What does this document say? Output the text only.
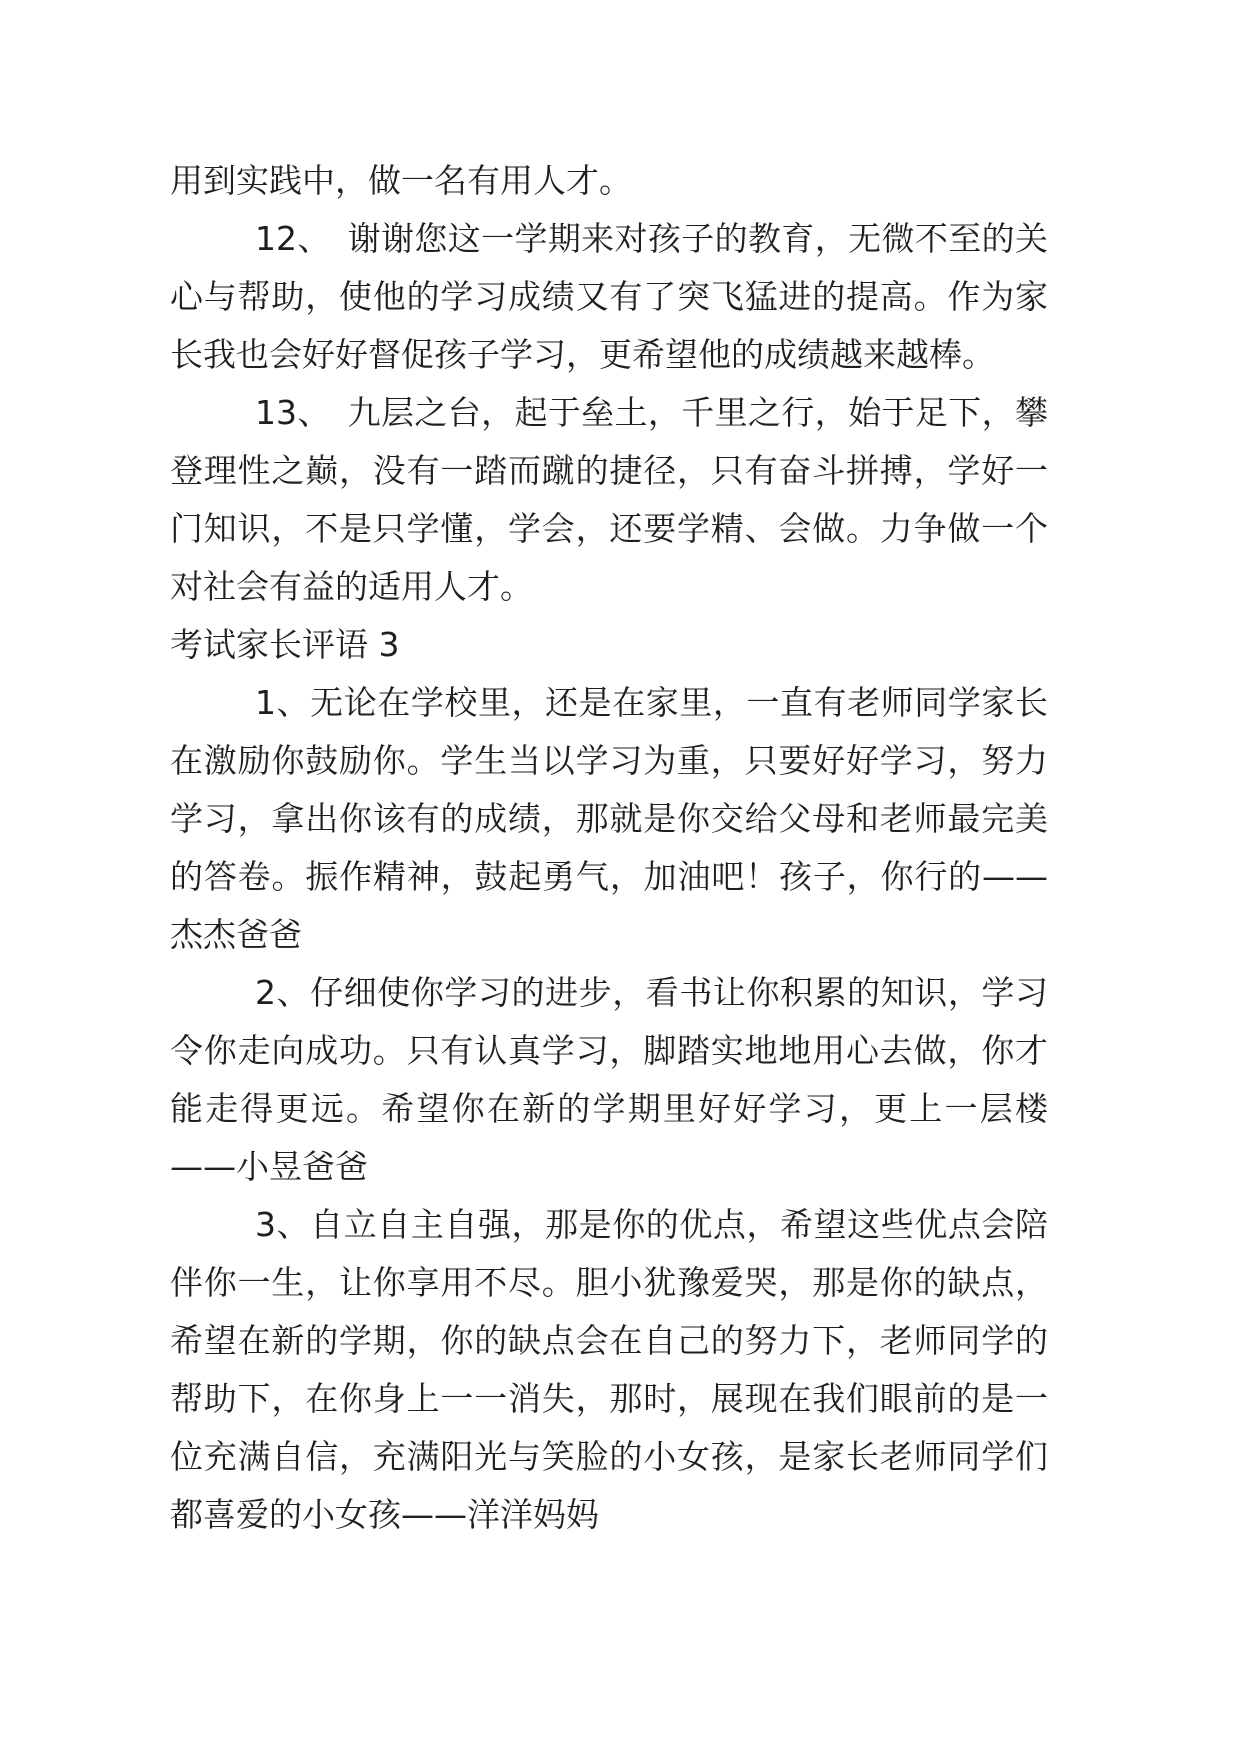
用到实践中，做一名有用人才。
12、　谢谢您这一学期来对孩子的教育，无微不至的关
心与帮助，使他的学习成绩又有了突飞猛进的提高。作为家
长我也会好好督促孩子学习，更希望他的成绩越来越棒。
13、　九层之台，起于垒土，千里之行，始于足下，攀
登理性之巅，没有一踏而蹴的捷径，只有奋斗拼搏，学好一
门知识，不是只学懂，学会，还要学精、会做。力争做一个
对社会有益的适用人才。
考试家长评语 3
1、无论在学校里，还是在家里，一直有老师同学家长
在激励你鼓励你。学生当以学习为重，只要好好学习，努力
学习，拿出你该有的成绩，那就是你交给父母和老师最完美
的答卷。振作精神，鼓起勇气，加油吧！孩子，你行的——
杰杰爸爸
2、仔细使你学习的进步，看书让你积累的知识，学习
令你走向成功。只有认真学习，脚踏实地地用心去做，你才
能走得更远。希望你在新的学期里好好学习，更上一层楼
——小昱爸爸
3、自立自主自强，那是你的优点，希望这些优点会陪
伴你一生，让你享用不尽。胆小犹豫爱哭，那是你的缺点，
希望在新的学期，你的缺点会在自己的努力下，老师同学的
帮助下，在你身上一一消失，那时，展现在我们眼前的是一
位充满自信，充满阳光与笑脸的小女孩，是家长老师同学们
都喜爱的小女孩——洋洋妈妈
